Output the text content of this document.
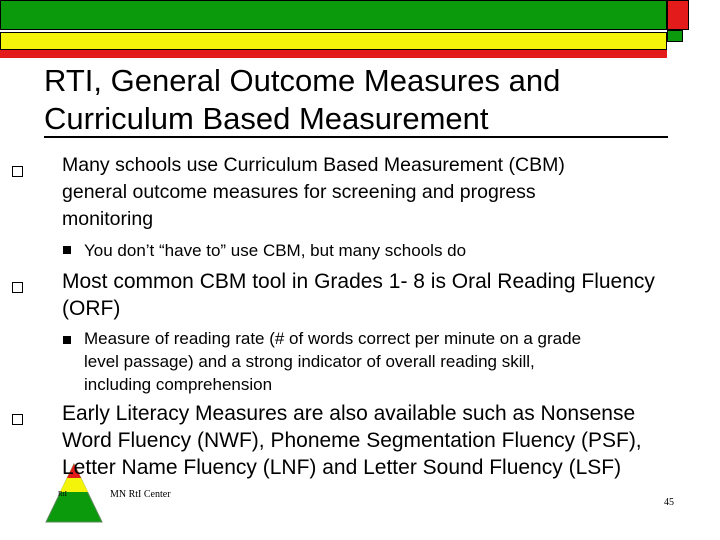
RTI, General Outcome Measures and
Curriculum Based Measurement
Many schools use Curriculum Based Measurement (CBM)
general outcome measures for screening and progress
monitoring
You don’t “have to” use CBM, but many schools do
Most common CBM tool in Grades 1- 8 is Oral Reading Fluency
(ORF)
Measure of reading rate (# of words correct per minute on a grade
level passage) and a strong indicator of overall reading skill,
including comprehension
RtI
Early Literacy Measures are also available such as Nonsense
Word Fluency (NWF), Phoneme Segmentation Fluency (PSF),
Letter Name Fluency (LNF) and Letter Sound Fluency (LSF)
MN RtI Center
45
